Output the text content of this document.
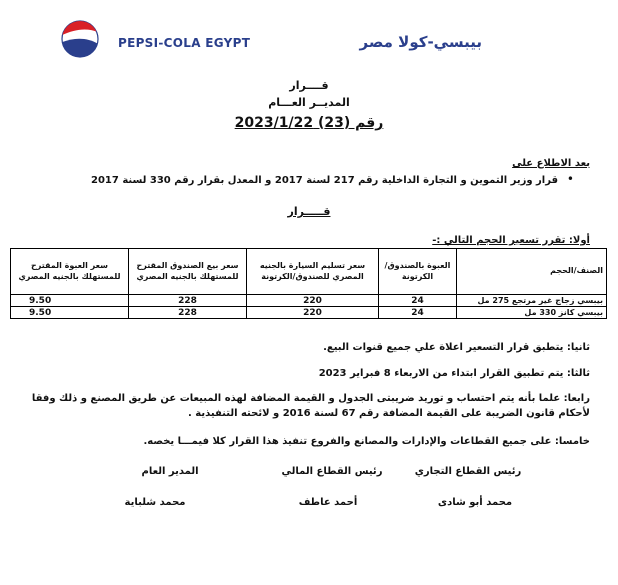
PEPSI-COLA EGYPT	بيبسي-كولا مصر
قــــرار
المديــر العـــام
رقم (23) 2023/1/22
بعد الاطلاع على
•
قرار وزير التموين و التجارة الداخلية رقم 217 لسنة 2017 و المعدل بقرار رقم 330 لسنة 2017
قـــــرار
أولا: تقرر تسعير الحجم التالي :-
الصنف/الحجم	العبوة بالصندوق/ الكرتونة	سعر تسليم السيارة بالجنيه المصري للصندوق/الكرتونة	سعر بيع الصندوق المقترح للمستهلك بالجنيه المصري	سعر العبوة المقترح للمستهلك بالجنيه المصري
بيبسي زجاج غير مرتجع 275 مل	24	220	228	9.50
بيبسي كانز 330 مل	24	220	228	9.50
ثانيا: يتطبق قرار التسعير اعلاة علي جميع قنوات البيع.
ثالثا: يتم تطبيق القرار ابتداء من الاربعاء 8 فبراير 2023
رابعا: علما بأنه يتم احتساب و توريد ضريبتى الجدول و القيمة المضافة لهذه المبيعات عن طريق المصنع و ذلك وفقا لأحكام قانون الضريبة على القيمة المضافة رقم 67 لسنة 2016 و لائحته التنفيذية .
خامسا: على جميع القطاعات والإدارات والمصانع والفروع تنفيذ هذا القرار كلا فيمـــا يخصه.
رئيس القطاع التجاري
رئيس القطاع المالي
المدير العام
محمد أبو شادى
أحمد عاطف
محمد شلباية
